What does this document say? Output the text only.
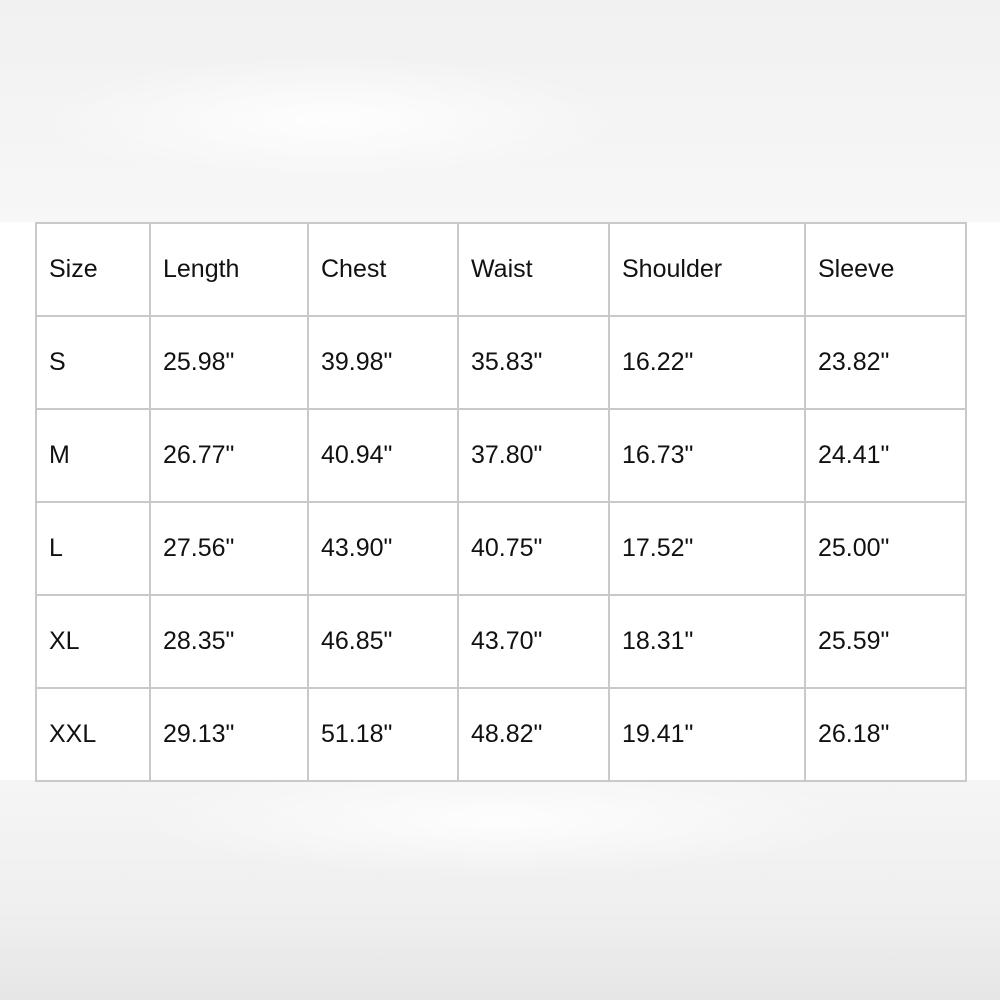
Size	Length	Chest	Waist	Shoulder	Sleeve
S	25.98"	39.98"	35.83"	16.22"	23.82"
M	26.77"	40.94"	37.80"	16.73"	24.41"
L	27.56"	43.90"	40.75"	17.52"	25.00"
XL	28.35"	46.85"	43.70"	18.31"	25.59"
XXL	29.13"	51.18"	48.82"	19.41"	26.18"
